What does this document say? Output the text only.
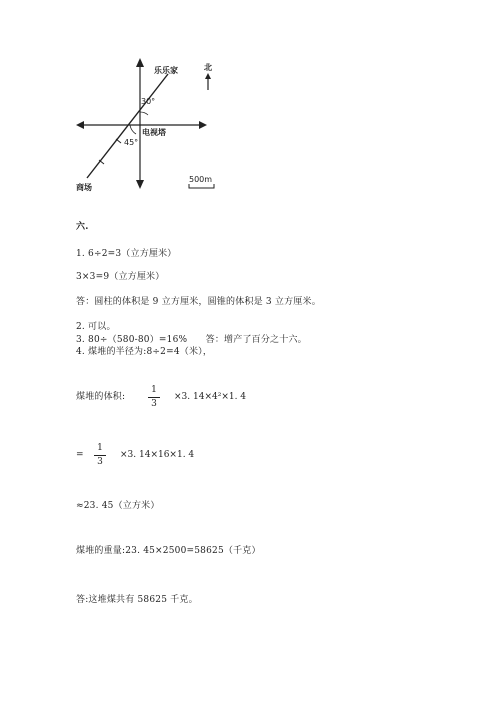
乐乐家	北
30°
电视塔
45°
商场
500m
六.
1. 6÷2=3（立方厘米）
3×3=9（立方厘米）
答：圆柱的体积是 9 立方厘米，圆锥的体积是 3 立方厘米。
2. 可以。
3. 80÷（580-80）=16%　　答：增产了百分之十六。
4. 煤堆的半径为:8÷2=4（米），
煤堆的体积:
1
3
×3. 14×4²×1. 4
=
1
3
×3. 14×16×1. 4
≈23. 45（立方米）
煤堆的重量:23. 45×2500=58625（千克）
答:这堆煤共有 58625 千克。
